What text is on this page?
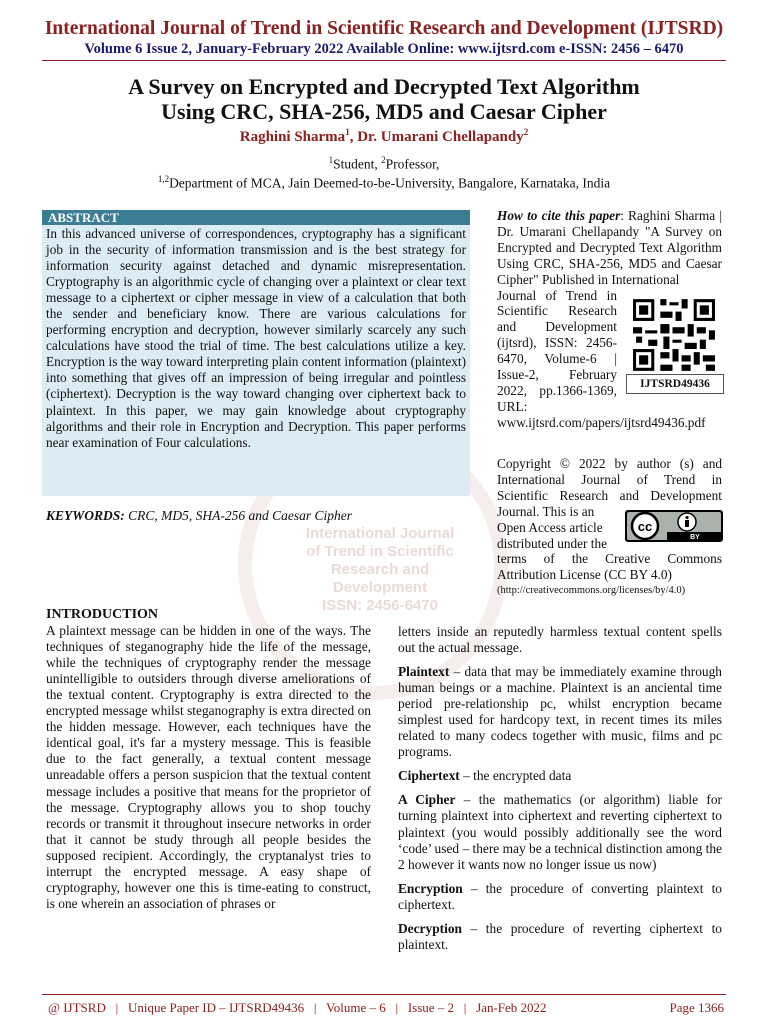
International Journal
of Trend in Scientific
Research and
Development
ISSN: 2456-6470
International Journal of Trend in Scientific Research and Development (IJTSRD)
Volume 6 Issue 2, January-February 2022 Available Online: www.ijtsrd.com e-ISSN: 2456 – 6470
A Survey on Encrypted and Decrypted Text Algorithm
Using CRC, SHA-256, MD5 and Caesar Cipher
Raghini Sharma$^1$, Dr. Umarani Chellapandy$^2$
$^1$Student, $^2$Professor,
$^{1,2}$Department of MCA, Jain Deemed-to-be-University, Bangalore, Karnataka, India
ABSTRACT
In this advanced universe of correspondences, cryptography has a significant job in the security of information transmission and is the best strategy for information security against detached and dynamic misrepresentation. Cryptography is an algorithmic cycle of changing over a plaintext or clear text message to a ciphertext or cipher message in view of a calculation that both the sender and beneficiary know. There are various calculations for performing encryption and decryption, however similarly scarcely any such calculations have stood the trial of time. The best calculations utilize a key. Encryption is the way toward interpreting plain content information (plaintext) into something that gives off an impression of being irregular and pointless (ciphertext). Decryption is the way toward changing over ciphertext back to plaintext. In this paper, we may gain knowledge about cryptography algorithms and their role in Encryption and Decryption. This paper performs near examination of Four calculations.
KEYWORDS: CRC, MD5, SHA-256 and Caesar Cipher
How to cite this paper: Raghini Sharma | Dr. Umarani Chellapandy "A Survey on Encrypted and Decrypted Text Algorithm Using CRC, SHA-256, MD5 and Caesar Cipher" Published in International
Journal of Trend in Scientific Research and Development (ijtsrd), ISSN: 2456-6470, Volume-6 | Issue-2, February 2022, pp.1366-1369, URL:
www.ijtsrd.com/papers/ijtsrd49436.pdf
IJTSRD49436
Copyright © 2022 by author (s) and International Journal of Trend in Scientific Research and Development Journal. This is an
Open Access article distributed under the
terms of the Creative Commons Attribution License (CC BY 4.0)
(http://creativecommons.org/licenses/by/4.0)
cc
BY
INTRODUCTION
A plaintext message can be hidden in one of the ways. The techniques of steganography hide the life of the message, while the techniques of cryptography render the message unintelligible to outsiders through diverse ameliorations of the textual content. Cryptography is extra directed to the encrypted message whilst steganography is extra directed on the hidden message. However, each techniques have the identical goal, it's far a mystery message. This is feasible due to the fact generally, a textual content message unreadable offers a person suspicion that the textual content message includes a positive that means for the proprietor of the message. Cryptography allows you to shop touchy records or transmit it throughout insecure networks in order that it cannot be study through all people besides the supposed recipient. Accordingly, the cryptanalyst tries to interrupt the encrypted message. A easy shape of cryptography, however one this is time-eating to construct, is one wherein an association of phrases or

letters inside an reputedly harmless textual content spells out the actual message.

Plaintext – data that may be immediately examine through human beings or a machine. Plaintext is an anciental time period pre-relationship pc, whilst encryption became simplest used for hardcopy text, in recent times its miles related to many codecs together with music, films and pc programs.

Ciphertext – the encrypted data

A Cipher – the mathematics (or algorithm) liable for turning plaintext into ciphertext and reverting ciphertext to plaintext (you would possibly additionally see the word ‘code’ used – there may be a technical distinction among the 2 however it wants now no longer issue us now)

Encryption – the procedure of converting plaintext to ciphertext.

Decryption – the procedure of reverting ciphertext to plaintext.

@ IJTSRD   |   Unique Paper ID – IJTSRD49436   |   Volume – 6   |   Issue – 2   |   Jan-Feb 2022	Page 1366
